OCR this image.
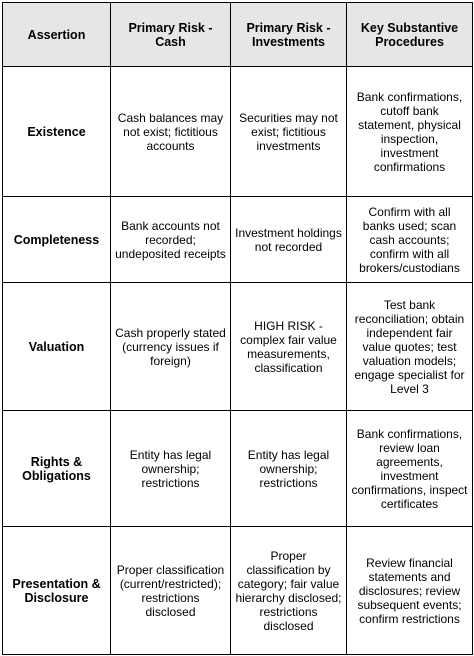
Assertion	Primary Risk - Cash	Primary Risk - Investments	Key Substantive Procedures
Existence	Cash balances may not exist; fictitious accounts	Securities may not exist; fictitious investments	Bank confirmations, cutoff bank statement, physical inspection, investment confirmations
Completeness	Bank accounts not recorded; undeposited receipts	Investment holdings not recorded	Confirm with all banks used; scan cash accounts; confirm with all brokers/custodians
Valuation	Cash properly stated (currency issues if foreign)	HIGH RISK - complex fair value measurements, classification	Test bank reconciliation; obtain independent fair value quotes; test valuation models; engage specialist for Level 3
Rights & Obligations	Entity has legal ownership; restrictions	Entity has legal ownership; restrictions	Bank confirmations, review loan agreements, investment confirmations, inspect certificates
Presentation & Disclosure	Proper classification (current/restricted); restrictions disclosed	Proper classification by category; fair value hierarchy disclosed; restrictions disclosed	Review financial statements and disclosures; review subsequent events; confirm restrictions
